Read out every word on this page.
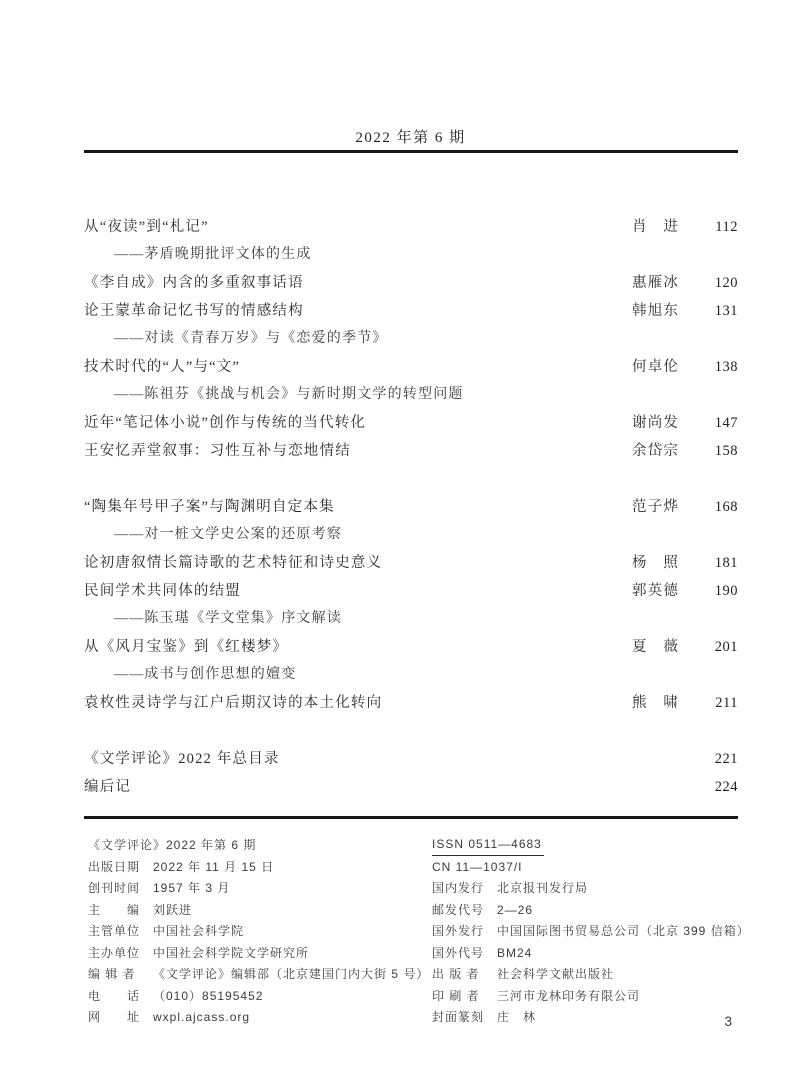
2022 年第 6 期
从“夜读”到“札记”	肖　进	112
——茅盾晚期批评文体的生成
《李自成》内含的多重叙事话语	惠雁冰	120
论王蒙革命记忆书写的情感结构	韩旭东	131
——对读《青春万岁》与《恋爱的季节》
技术时代的“人”与“文”	何卓伦	138
——陈祖芬《挑战与机会》与新时期文学的转型问题
近年“笔记体小说”创作与传统的当代转化	谢尚发	147
王安忆弄堂叙事：习性互补与恋地情结	余岱宗	158
“陶集年号甲子案”与陶渊明自定本集	范子烨	168
——对一桩文学史公案的还原考察
论初唐叙情长篇诗歌的艺术特征和诗史意义	杨　照	181
民间学术共同体的结盟	郭英德	190
——陈玉璂《学文堂集》序文解读
从《风月宝鉴》到《红楼梦》	夏　薇	201
——成书与创作思想的嬗变
袁枚性灵诗学与江户后期汉诗的本土化转向	熊　啸	211
《文学评论》2022 年总目录	221
编后记	224
《文学评论》2022 年第 6 期
出版日期 2022 年 11 月 15 日
创刊时间 1957 年 3 月
主　　编 刘跃进
主管单位 中国社会科学院
主办单位 中国社会科学院文学研究所
编 辑 者 《文学评论》编辑部（北京建国门内大街 5 号）
电　　话 （010）85195452
网　　址 wxpl.ajcass.org
ISSN 0511—4683
CN 11—1037/I
国内发行 北京报刊发行局
邮发代号 2—26
国外发行 中国国际图书贸易总公司（北京 399 信箱）
国外代号 BM24
出 版 者 社会科学文献出版社
印 刷 者 三河市龙林印务有限公司
封面篆刻 庄　林	3
